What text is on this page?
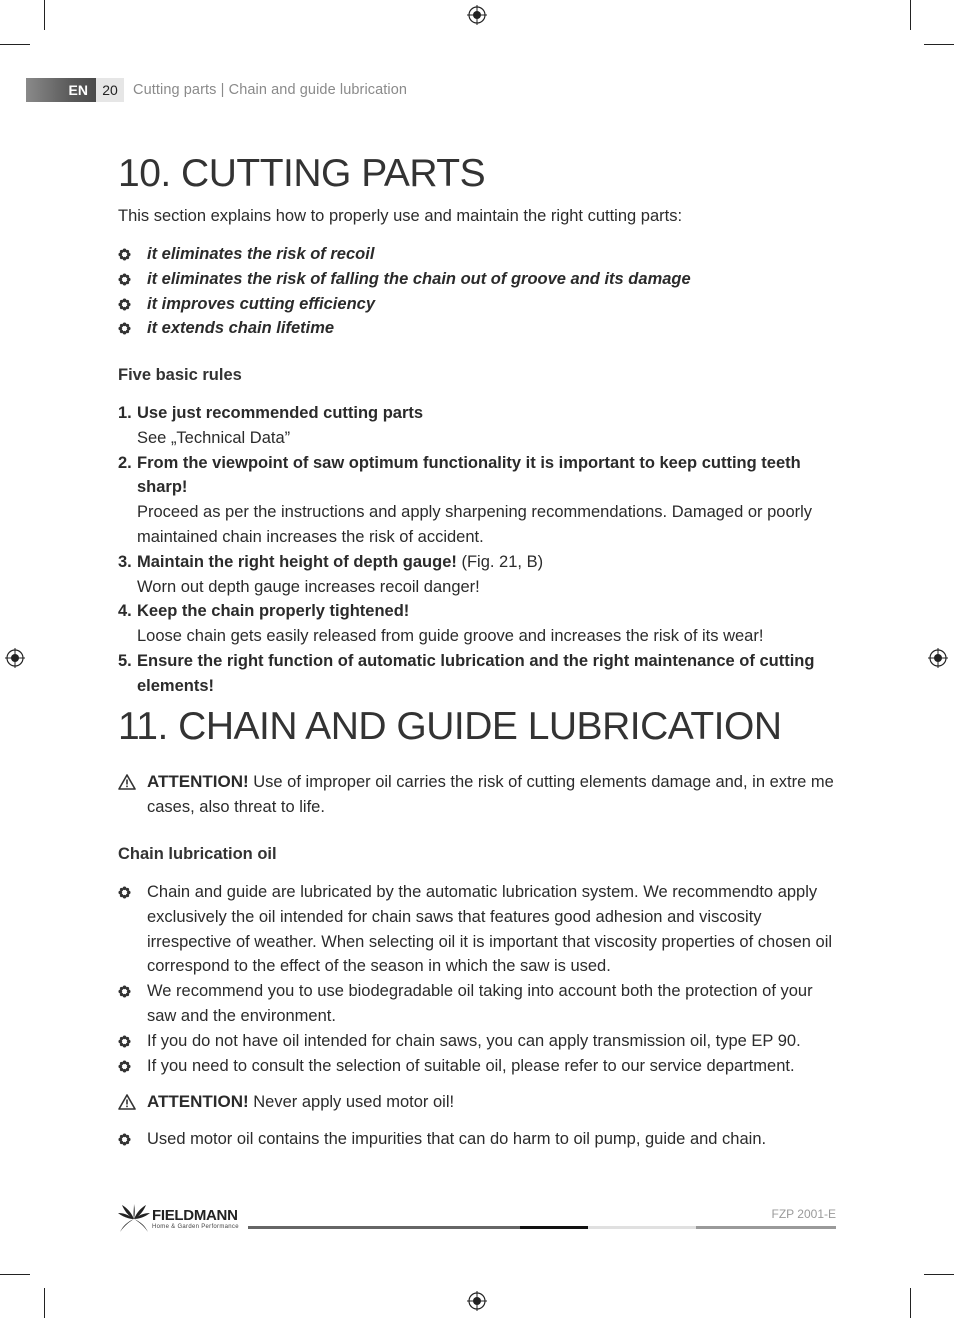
EN	20	Cutting parts | Chain and guide lubrication
10. CUTTING PARTS

This section explains how to properly use and maintain the right cutting parts:

it eliminates the risk of recoil
it eliminates the risk of falling the chain out of groove and its damage
it improves cutting efficiency
it extends chain lifetime
Five basic rules
1. Use just recommended cutting parts
See „Technical Data”
2. From the viewpoint of saw optimum functionality it is important to keep cutting teeth sharp!
Proceed as per the instructions and apply sharpening recommendations. Damaged or poorly maintained chain increases the risk of accident.
3. Maintain the right height of depth gauge! (Fig. 21, B)
Worn out depth gauge increases recoil danger!
4. Keep the chain properly tightened!
Loose chain gets easily released from guide groove and increases the risk of its wear!
5. Ensure the right function of automatic lubrication and the right maintenance of cutting elements!
11. CHAIN AND GUIDE LUBRICATION
ATTENTION! Use of improper oil carries the risk of cutting elements damage and, in extre me cases, also threat to life.
Chain lubrication oil
Chain and guide are lubricated by the automatic lubrication system. We recommendto apply exclusively the oil intended for chain saws that features good adhesion and viscosity irrespective of weather. When selecting oil it is important that viscosity properties of chosen oil correspond to the effect of the season in which the saw is used.
We recommend you to use biodegradable oil taking into account both the protection of your saw and the environment.
If you do not have oil intended for chain saws, you can apply transmission oil, type EP 90.
If you need to consult the selection of suitable oil, please refer to our service department.
ATTENTION! Never apply used motor oil!
Used motor oil contains the impurities that can do harm to oil pump, guide and chain.
FIELDMANN
Home & Garden Performance
FZP 2001-E
